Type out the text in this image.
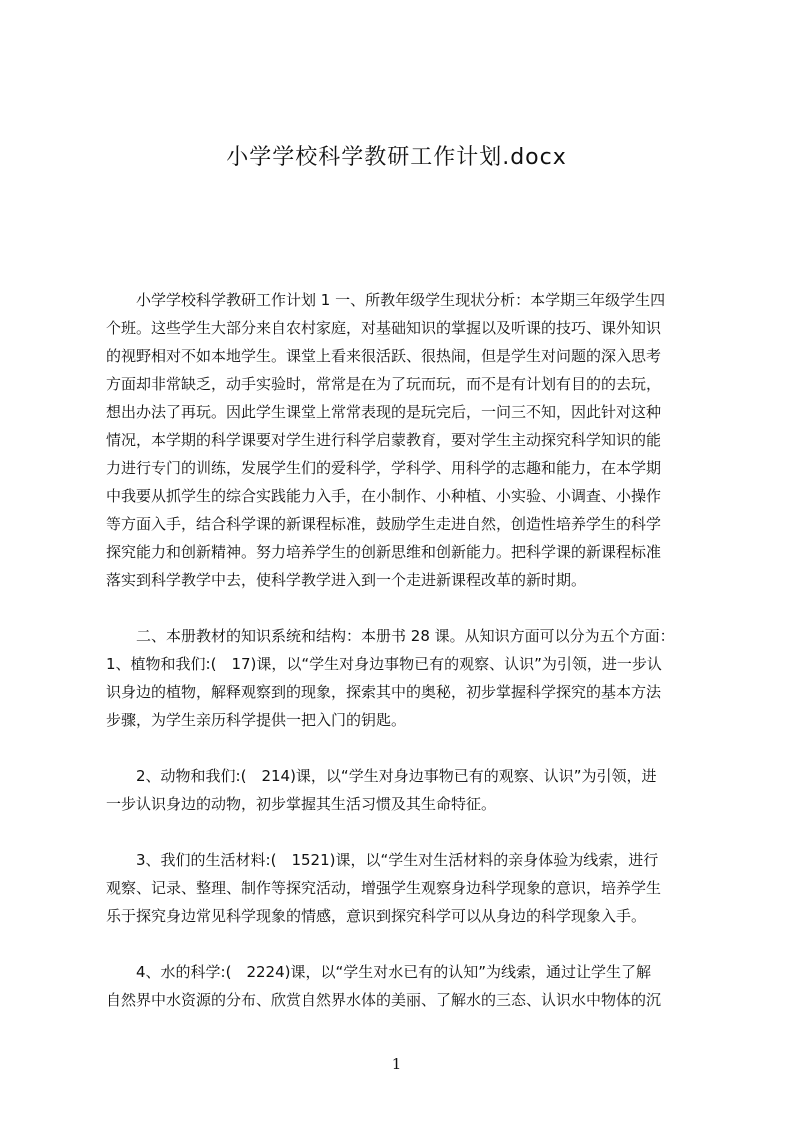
小学学校科学教研工作计划.docx

小学学校科学教研工作计划 1 一、所教年级学生现状分析：本学期三年级学生四
个班。这些学生大部分来自农村家庭，对基础知识的掌握以及听课的技巧、课外知识
的视野相对不如本地学生。课堂上看来很活跃、很热闹，但是学生对问题的深入思考
方面却非常缺乏，动手实验时，常常是在为了玩而玩，而不是有计划有目的的去玩，
想出办法了再玩。因此学生课堂上常常表现的是玩完后，一问三不知，因此针对这种
情况，本学期的科学课要对学生进行科学启蒙教育，要对学生主动探究科学知识的能
力进行专门的训练，发展学生们的爱科学，学科学、用科学的志趣和能力，在本学期
中我要从抓学生的综合实践能力入手，在小制作、小种植、小实验、小调查、小操作
等方面入手，结合科学课的新课程标准，鼓励学生走进自然，创造性培养学生的科学
探究能力和创新精神。努力培养学生的创新思维和创新能力。把科学课的新课程标准
落实到科学教学中去，使科学教学进入到一个走进新课程改革的新时期。

二、本册教材的知识系统和结构：本册书 28 课。从知识方面可以分为五个方面：
1、植物和我们:(　17)课，以“学生对身边事物已有的观察、认识”为引领，进一步认
识身边的植物，解释观察到的现象，探索其中的奥秘，初步掌握科学探究的基本方法
步骤，为学生亲历科学提供一把入门的钥匙。

2、动物和我们:(　214)课，以“学生对身边事物已有的观察、认识”为引领，进
一步认识身边的动物，初步掌握其生活习惯及其生命特征。

3、我们的生活材料:(　1521)课，以“学生对生活材料的亲身体验为线索，进行
观察、记录、整理、制作等探究活动，增强学生观察身边科学现象的意识，培养学生
乐于探究身边常见科学现象的情感，意识到探究科学可以从身边的科学现象入手。

4、水的科学:(　2224)课，以“学生对水已有的认知”为线索，通过让学生了解
自然界中水资源的分布、欣赏自然界水体的美丽、了解水的三态、认识水中物体的沉

1
